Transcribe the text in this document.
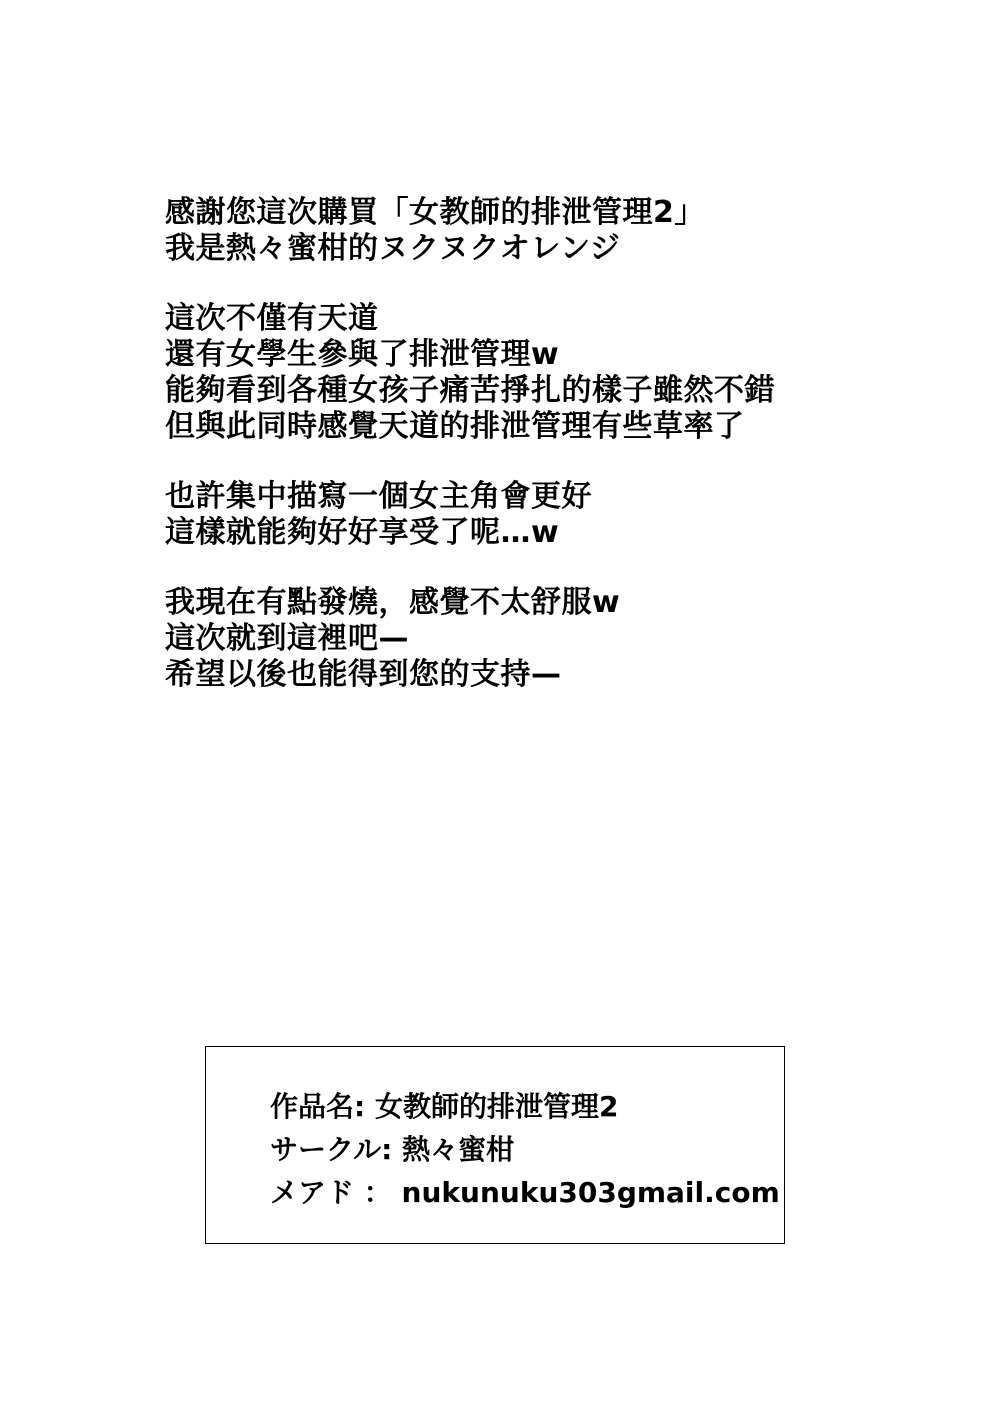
感謝您這次購買「女教師的排泄管理2」
我是熱々蜜柑的ヌクヌクオレンジ
這次不僅有天道
還有女學生參與了排泄管理w
能夠看到各種女孩子痛苦掙扎的樣子雖然不錯
但與此同時感覺天道的排泄管理有些草率了
也許集中描寫一個女主角會更好
這樣就能夠好好享受了呢…w
我現在有點發燒，感覺不太舒服w
這次就到這裡吧—
希望以後也能得到您的支持—
作品名: 女教師的排泄管理2
サークル: 熱々蜜柑
メアド ： nukunuku303gmail.com
